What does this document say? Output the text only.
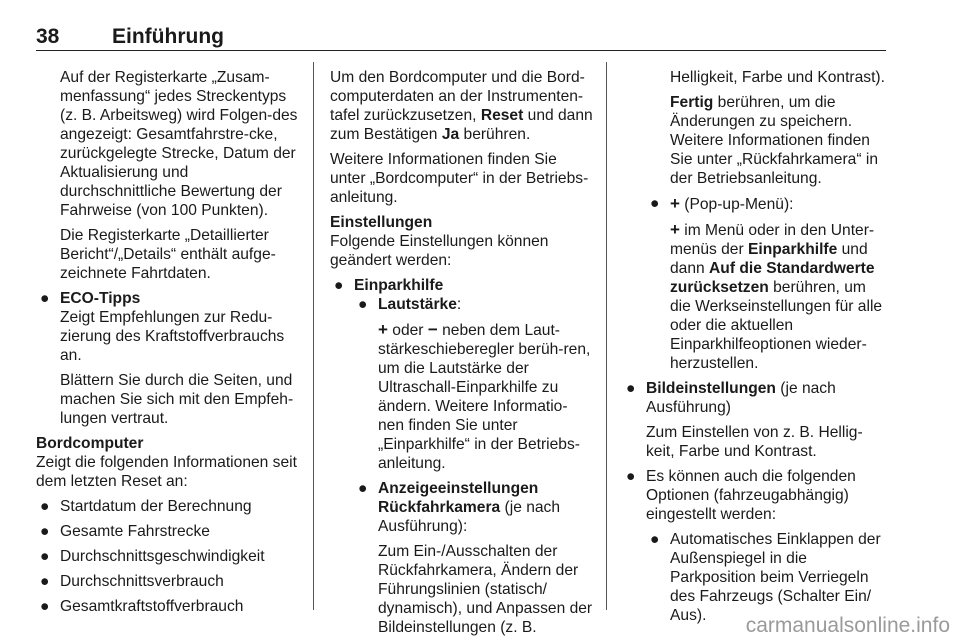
38	Einführung

Auf der Registerkarte „Zusam-menfassung“ jedes Streckentyps (z. B. Arbeitsweg) wird Folgen-des angezeigt: Gesamtfahrstre-cke, zurückgelegte Strecke, Datum der Aktualisierung und durchschnittliche Bewertung der Fahrweise (von 100 Punkten).

Die Registerkarte „Detaillierter Bericht“/„Details“ enthält aufge-zeichnete Fahrtdaten.

● ECO-Tipps

Zeigt Empfehlungen zur Redu-zierung des Kraftstoffverbrauchs an.

Blättern Sie durch die Seiten, und machen Sie sich mit den Empfeh-lungen vertraut.

Bordcomputer

Zeigt die folgenden Informationen seit dem letzten Reset an:

● Startdatum der Berechnung
● Gesamte Fahrstrecke
● Durchschnittsgeschwindigkeit
● Durchschnittsverbrauch
● Gesamtkraftstoffverbrauch

Um den Bordcomputer und die Bord-computerdaten an der Instrumenten-tafel zurückzusetzen, Reset und dann zum Bestätigen Ja berühren.

Weitere Informationen finden Sie unter „Bordcomputer“ in der Betriebs-anleitung.

Einstellungen

Folgende Einstellungen können geändert werden:

● Einparkhilfe

● Lautstärke:

+ oder − neben dem Laut-stärkeschieberegler berüh-ren, um die Lautstärke der Ultraschall-Einparkhilfe zu ändern. Weitere Informatio-nen finden Sie unter „Einparkhilfe“ in der Betriebs-anleitung.

● Anzeigeeinstellungen Rückfahrkamera (je nach Ausführung):

Zum Ein-/Ausschalten der Rückfahrkamera, Ändern der Führungslinien (statisch/ dynamisch), und Anpassen der Bildeinstellungen (z. B.

Helligkeit, Farbe und Kontrast).

Fertig berühren, um die Änderungen zu speichern. Weitere Informationen finden Sie unter „Rückfahrkamera“ in der Betriebsanleitung.

● + (Pop-up-Menü):

+ im Menü oder in den Unter-menüs der Einparkhilfe und dann Auf die Standardwerte zurücksetzen berühren, um die Werkseinstellungen für alle oder die aktuellen Einparkhilfeoptionen wieder-herzustellen.

● Bildeinstellungen (je nach Ausführung)

Zum Einstellen von z. B. Hellig-keit, Farbe und Kontrast.

● Es können auch die folgenden Optionen (fahrzeugabhängig) eingestellt werden:

● Automatisches Einklappen der Außenspiegel in die Parkposition beim Verriegeln des Fahrzeugs (Schalter Ein/ Aus).	carmanualsonline.info
